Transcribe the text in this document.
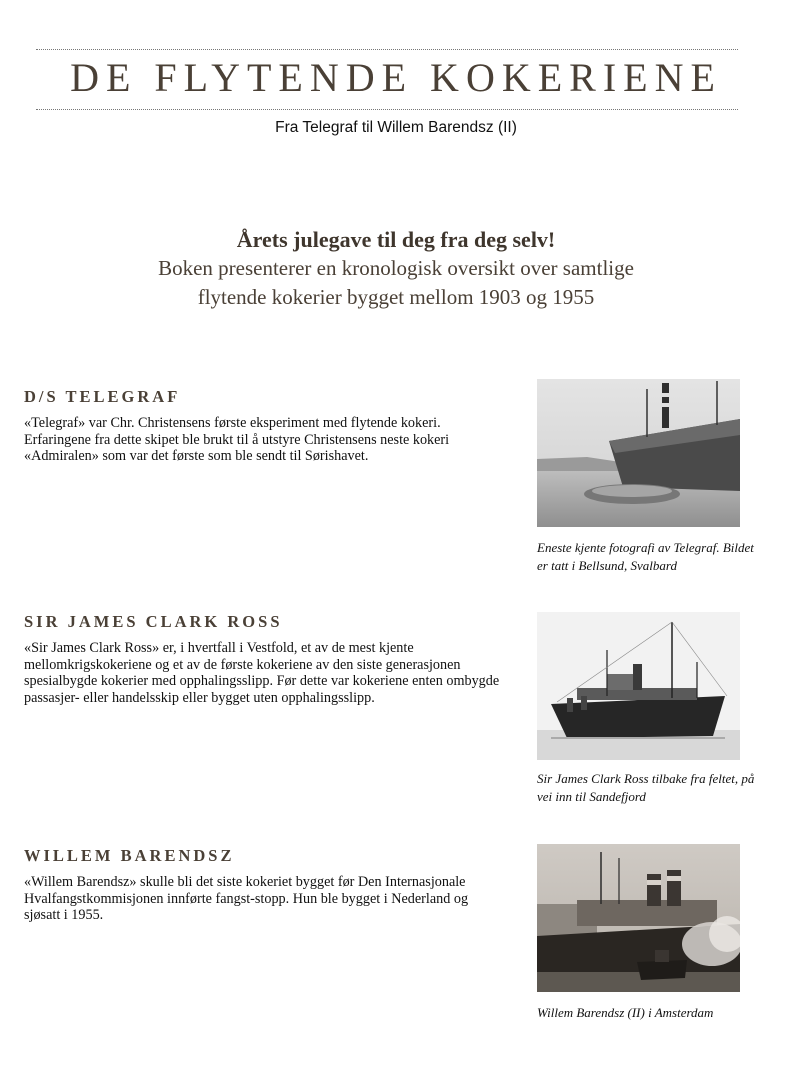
DE FLYTENDE KOKERIENE
Fra Telegraf til Willem Barendsz (II)
Årets julegave til deg fra deg selv!
Boken presenterer en kronologisk oversikt over samtlige
flytende kokerier bygget mellom 1903 og 1955
D/S TELEGRAF
«Telegraf» var Chr. Christensens første eksperiment med flytende kokeri. Erfaringene fra dette skipet ble brukt til å utstyre Christensens neste kokeri «Admiralen» som var det første som ble sendt til Sørishavet.
Eneste kjente fotografi av Telegraf. Bildet er tatt i Bellsund, Svalbard
SIR JAMES CLARK ROSS
«Sir James Clark Ross» er, i hvertfall i Vestfold, et av de mest kjente mellomkrigskokeriene og et av de første kokeriene av den siste generasjonen spesialbygde kokerier med opphalingsslipp. Før dette var kokeriene enten ombygde passasjer- eller handelsskip eller bygget uten opphalingsslipp.
Sir James Clark Ross tilbake fra feltet, på vei inn til Sandefjord
WILLEM BARENDSZ
«Willem Barendsz» skulle bli det siste kokeriet bygget før Den Internasjonale Hvalfangstkommisjonen innførte fangst-stopp. Hun ble bygget i Nederland og sjøsatt i 1955.
Willem Barendsz (II) i Amsterdam
